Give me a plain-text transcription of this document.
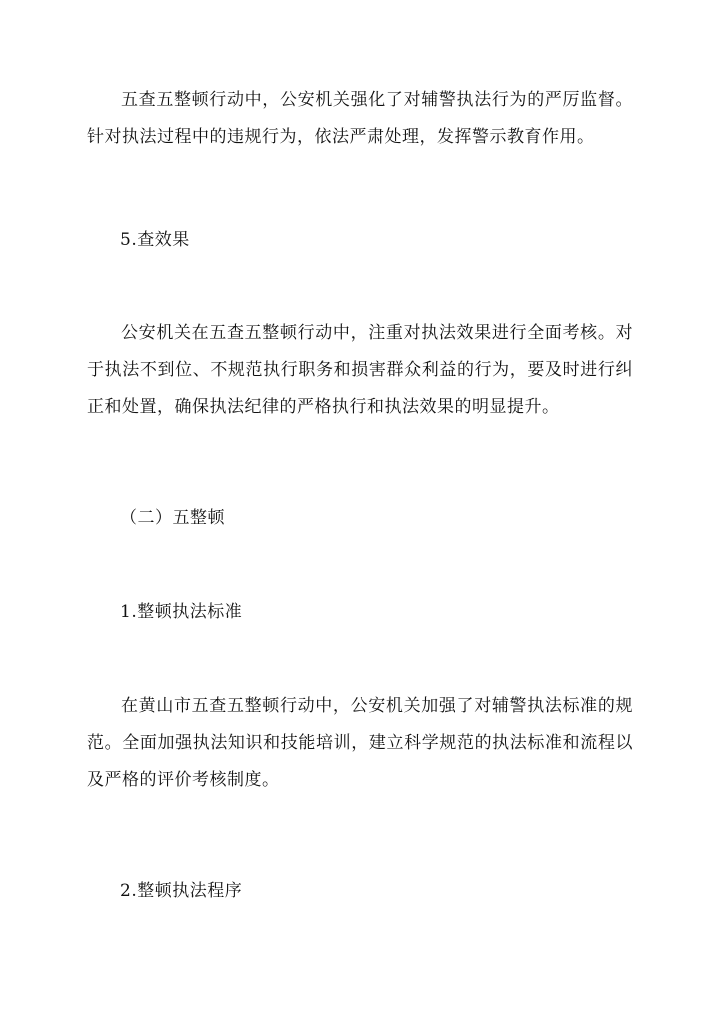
五查五整顿行动中，公安机关强化了对辅警执法行为的严厉监督。针对执法过程中的违规行为，依法严肃处理，发挥警示教育作用。

5.查效果

公安机关在五查五整顿行动中，注重对执法效果进行全面考核。对于执法不到位、不规范执行职务和损害群众利益的行为，要及时进行纠正和处置，确保执法纪律的严格执行和执法效果的明显提升。

（二）五整顿

1.整顿执法标准

在黄山市五查五整顿行动中，公安机关加强了对辅警执法标准的规范。全面加强执法知识和技能培训，建立科学规范的执法标准和流程以及严格的评价考核制度。

2.整顿执法程序
